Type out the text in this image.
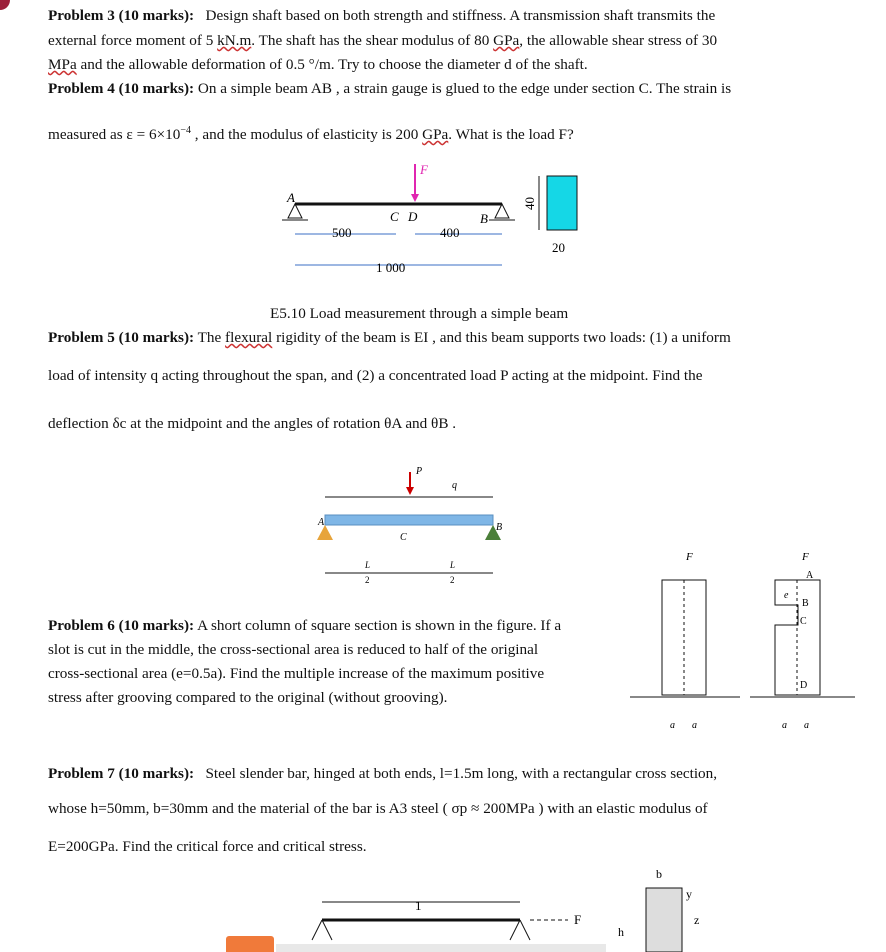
Problem 3 (10 marks): Design shaft based on both strength and stiffness. A transmission shaft transmits the
external force moment of 5 kN.m. The shaft has the shear modulus of 80 GPa, the allowable shear stress of 30
MPa and the allowable deformation of 0.5 °/m. Try to choose the diameter d of the shaft.
Problem 4 (10 marks): On a simple beam AB , a strain gauge is glued to the edge under section C. The strain is
measured as $\varepsilon = 6\times 10^{-4}$ , and the modulus of elasticity is 200 GPa. What is the load F?
F
A
B
C D
500	400
1 000
40
20
E5.10 Load measurement through a simple beam
Problem 5 (10 marks): The flexural rigidity of the beam is EI , and this beam supports two loads: (1) a uniform
load of intensity q acting throughout the span, and (2) a concentrated load P acting at the midpoint. Find the
deflection δc at the midpoint and the angles of rotation θA and θB .
P
q
A	B
C
L
2
L
2
Problem 6 (10 marks): A short column of square section is shown in the figure. If a
slot is cut in the middle, the cross-sectional area is reduced to half of the original
cross-sectional area (e=0.5a). Find the multiple increase of the maximum positive
stress after grooving compared to the original (without grooving).
F	F
A
B
C
D
e
a a	a a
Problem 7 (10 marks): Steel slender bar, hinged at both ends, l=1.5m long, with a rectangular cross section,
whose h=50mm, b=30mm and the material of the bar is A3 steel ( σp ≈ 200MPa ) with an elastic modulus of
E=200GPa. Find the critical force and critical stress.
1
F
b
h
y
z
